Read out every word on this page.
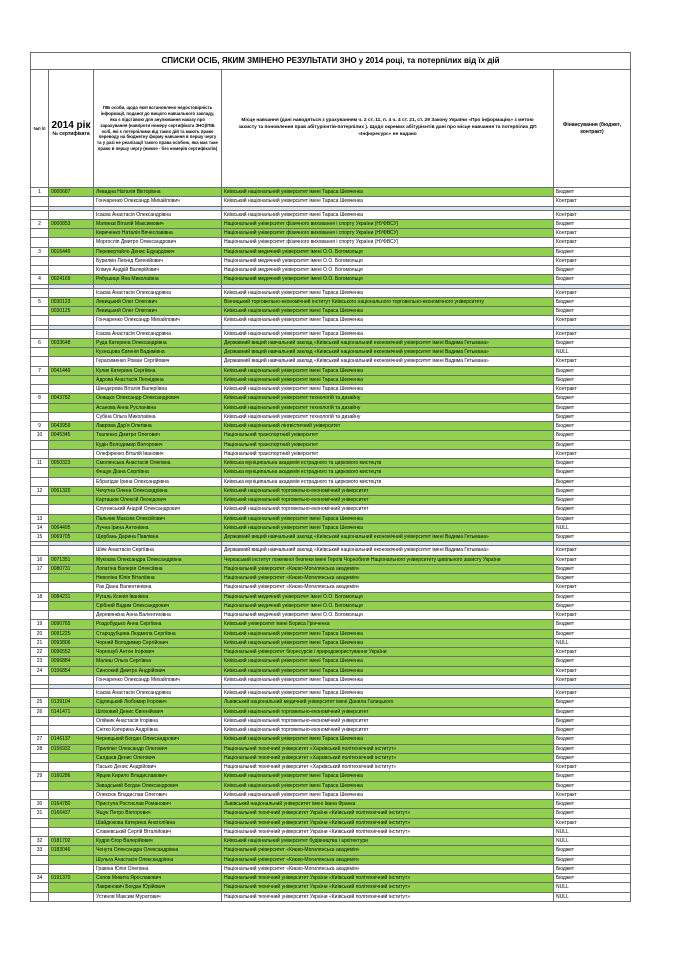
СПИСКИ ОСІБ, ЯКИМ ЗМІНЕНО РЕЗУЛЬТАТИ ЗНО у 2014 році, та потерпілих від їх дій				
№п /п	2014 рік
№ сертифіката
	ПІБ особи, щодо якої встановлено недостовірність інформації, поданої до вищого навчального закладу, яка є підставою для анулювання наказу про зарахування (навпроти номеру сертифіката ЗНО)/ПІБ осіб, які є потерпілими від таких дій та мають право переводу на бюджетну форму навчання в першу чергу та у разі не реалізації такого права особою, яка має таке право в першу чергу (нижче - без номерів сертифікатів)	Місце навчання (дані наводяться з урахуванням ч. 2 ст. 11, п. 4 ч. 4 ст. 21, ст. 29 Закону України «Про інформацію» з метою захисту та поновлення прав абітурієнтів-потерпілих ). Щодо окремих абітурієнтів дані про місце навчання та потерпілих ДП «Інфоресурс» не надано	Фінансування (бюджет, контракт)
1	0000687	Левадна Наталія Вікторівна	Київський національний університет імені Тараса Шевченка	Бюджет
		Гончаренко Олександр Михайлович	Київський національний університет імені Тараса Шевченка	Контракт

		Ісаєва Анастасія Олександрівна	Київський національний університет імені Тараса Шевченка	Контракт
2	0000853	Матвеєв Віталій Максимович	Національний університет фізичного виховання і спорту України (НУФВСУ)	Бюджет
		Кириченко Наталія Вячеславівна	Національний університет фізичного виховання і спорту України (НУФВСУ)	Контракт
		Моргосліп Дмитро Олександрович	Національний університет фізичного виховання і спорту України (НУФВСУ)	Контракт
3	0016449	Перевертайло Денис Едуардович	Національний медичний університет імені О.О. Богомольця	Бюджет
		Бурилкін Леонід Євгенійович	Національний медичний університет імені О.О. Богомольця	Контракт
		Клімук Андрій Валерійович	Національний медичний університет імені О.О. Богомольця	Бюджет
4	0024169	Рябушиця Яна Миколаївна	Національний медичний університет імені О.О. Богомольця	Бюджет

		Ісаєва Анастасія Олександрівна	Київський національний університет імені Тараса Шевченка	Контракт
5	0030123	Левицький Олег Олегович	Вінницький торговельно-економічний інститут Київського національного торговельно-економічного університету	Бюджет
	0030125	Левицький Олег Олегович	Київський національний університет імені Тараса Шевченка	Бюджет
		Гончаренко Олександр Михайлович	Київський національний університет імені Тараса Шевченка	Контракт

		Ісаєва Анастасія Олександрівна	Київський національний університет імені Тараса Шевченка	Контракт
6	0033648	Руда Катерина Олександрівна	Державний вищий навчальний заклад «Київський національний економічний університет імені Вадима Гетьмана»	Бюджет
		Кузнєцова Євгенія Вадимівна	Державний вищий навчальний заклад «Київський національний економічний університет імені Вадима Гетьмана»	NULL
		Герасименко Роман Сергійович	Державний вищий навчальний заклад «Київський національний економічний університет імені Вадима Гетьмана»	Контракт
7	0041449	Кулик Катерина Сергіївна	Київський національний університет імені Тараса Шевченка	Бюджет
		Адрова Анастасія Леонідівна	Київський національний університет імені Тараса Шевченка	Бюджет
		Шендерова Віталія Валеріївна	Київський національний університет імені Тараса Шевченка	Контракт
8	0043782	Онащко Олександр Олександрович	Київський національний університет технологій та дизайну	Бюджет
		Асанова Анна Русланівна	Київський національний університет технологій та дизайну	Бюджет
		Субіна Ольга Миколаївна	Київський національний університет технологій та дизайну	Бюджет
9	0043959	Лаврова Дар'я Олегівна	Київський національний лінгвістичний університет	Бюджет
10	0045345	Ткаленко Дмитро Олегович	Національний транспортний університет	Бюджет
		Кудін Володимир Вікторович	Національний транспортний університет	Бюджет
		Олефіренко Віталій Іванович	Національний транспортний університет	Контракт
11	0050323	Смолянська Анастасія Олегівна	Київська муніципальна академія естрадного та циркового мистецтв	Бюджет
		Фещук Діана Сергіївна	Київська муніципальна академія естрадного та циркового мистецтв	Бюджет
		Ебрагідзе Ірина Олександрівна	Київська муніципальна академія естрадного та циркового мистецтв	Бюджет
12	0061320	Чечутна Олена Олександрівна	Київський національний торговельно-економічний університет	Бюджет
		Карташов Олексій Леонідович	Київський національний торговельно-економічний університет	Бюджет
		Слугинський Андрій Олександрович	Київський національний торговельно-економічний університет	Бюджет
13		Пальчик Максим Олексійович	Київський національний університет імені Тараса Шевченка	Бюджет
14	0064495	Лучна Ірина Антонівна	Київський національний університет імені Тараса Шевченка	NULL
15	0069705	Щербань Дарина Павлівна	Державний вищий навчальний заклад «Київський національний економічний університет імені Вадима Гетьмана»	Бюджет

		Шіяк Анастасія Сергіївна	Державний вищий навчальний заклад «Київський національний економічний університет імені Вадима Гетьмана»	Контракт
16	0071351	Мукоєва Олександра Олександрівна	Черкаський інститут пожежної безпеки імені Героїв Чорнобиля Національного університету цивільного захисту України	Контракт
17	0080731	Лопатіна Валерія Олексіївна	Національний університет «Києво-Могилянська академія»	Бюджет
		Неволіна Юлія Віталіївна	Національний університет «Києво-Могилянська академія»	Бюджет
		Рак Діана Валентинівна	Національний університет «Києво-Могилянська академія»	Контракт
18	0084231	Ругаль Ксенія Іванівна	Національний медичний університет імені О.О. Богомольця	Бюджет
		Срібний Вадим Олександрович	Національний медичний університет імені О.О. Богомольця	Бюджет
		Деревянкіна Анна Валентинівна	Національний медичний університет імені О.О. Богомольця	Контракт
19	0090765	Роздобудько Анна Сергіївна	Київський університет імені Бориса Грінченка	Бюджет
20	0091225	Стародубцева Людмила Сергіївна	Київський національний університет імені Тараса Шевченка	Бюджет
21	0093806	Чорний Володимир Сергійович	Київський національний університет імені Тараса Шевченка	NULL
22	0096552	Чорнозуб Антон Ігорович	Національний університет біоресурсів і природокористування України	Контракт
23	0096884	Малиш Ольга Сергіївна	Київський національний університет імені Тараса Шевченка	Бюджет
24	0106854	Синоокий Дмитро Андрійович	Київський національний університет імені Тараса Шевченка	Контракт
		Гончаренко Олександр Михайлович	Київський національний університет імені Тараса Шевченка	Контракт

		Ісаєва Анастасія Олександрівна	Київський національний університет імені Тараса Шевченка	Контракт
25	0139104	Сідлецький Любомир Ігорович	Львівський національний медичний університет імені Данила Галицького	Бюджет
26	0141471	Шліховий Денис Євгенійович	Київський національний торговельно-економічний університет	Бюджет
		Олійник Анастасія Ігорівна	Київський національний торговельно-економічний університет	Бюджет
		Снітко Катерина Андріївна	Київський національний торговельно-економічний університет	Бюджет
27	0146137	Чернецький Богдан Олександрович	Київський національний університет імені Тараса Шевченка	Бюджет
28	0156932	Приліпко Олександр Олегович	Національний технічний університет «Харківський політехнічний інститут»	Бюджет
		Салдаєв Денис Олегович	Національний технічний університет «Харківський політехнічний інститут»	Бюджет
		Пасько Денис Андрійович	Національний технічний університет «Харківський політехнічний інститут»	Контракт
29	0160286	Ярцев Кирило Владиславович	Київський національний університет імені Тараса Шевченка	Бюджет
		Завадський Богдан Олександрович	Київський національний університет імені Тараса Шевченка	Бюджет
		Олексюк Владислав Олегович	Київський національний університет імені Тараса Шевченка	Контракт
30	0164780	Приступа Ростислав Романович	Львівський національний університет імені Івана Франка	Бюджет
31	0166437	Ящук Петро Вікторович	Національний технічний університет України «Київський політехнічний інститут»	Бюджет
		Шайдюкова Катерина Анатоліївна	Національний технічний університет України «Київський політехнічний інститут»	Контракт
		Славевський Сергій Віталійович	Національний технічний університет України «Київський політехнічний інститут»	NULL
32	0181702	Кудря Єгор Валерійович	Київський національний університет будівництва і архітектури	NULL
33	0183046	Ченута Олександра Олександрівна	Національний університет «Києво-Могилянська академія»	Бюджет
		Шульга Анастасія Олександрівна	Національний університет «Києво-Могилянська академія»	Бюджет
		Гравіна Юлія Олегівна	Національний університет «Києво-Могилянська академія»	Бюджет
34	0191370	Сопов Микита Ярославович	Національний технічний університет України «Київський політехнічний інститут»	Бюджет
		Лавринович Богдан Юрійович	Національний технічний університет України «Київський політехнічний інститут»	NULL
		Устинов Максим Муратович	Національний технічний університет України «Київський політехнічний інститут»	NULL
